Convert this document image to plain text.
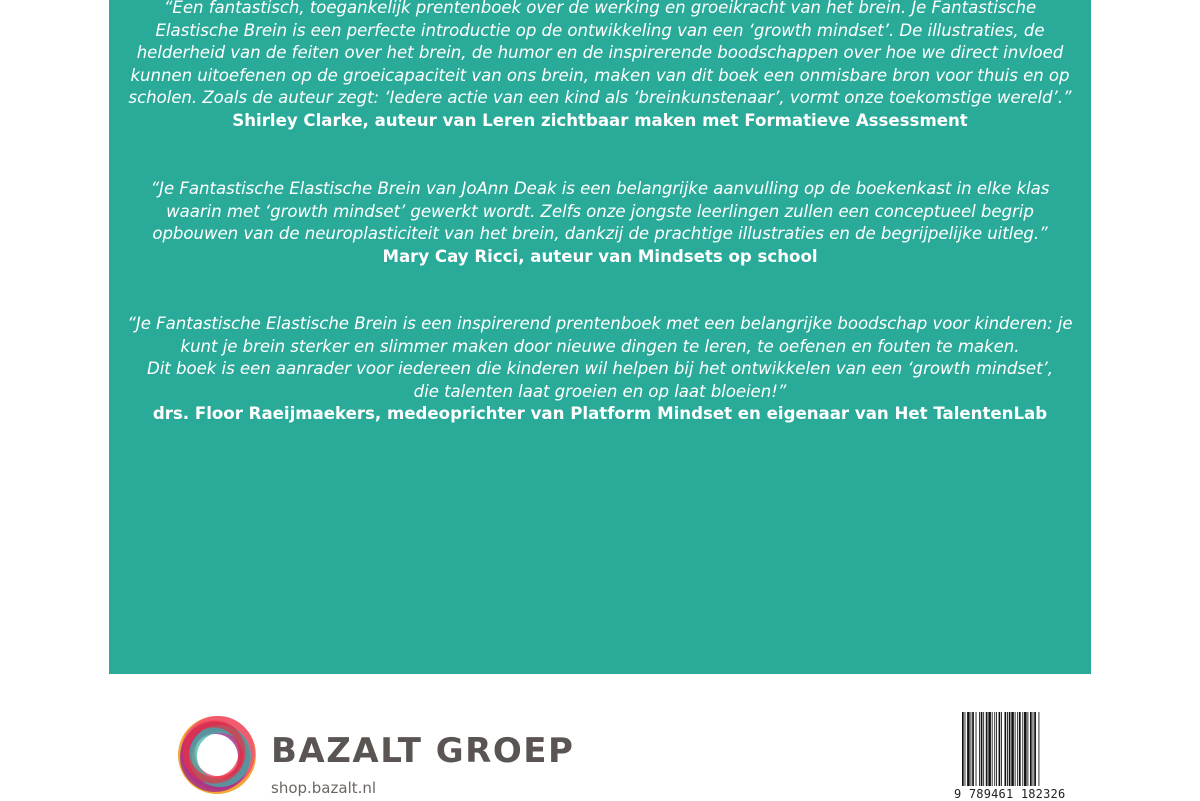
“Een fantastisch, toegankelijk prentenboek over de werking en groeikracht van het brein. Je Fantastische
Elastische Brein is een perfecte introductie op de ontwikkeling van een ‘growth mindset’. De illustraties, de
helderheid van de feiten over het brein, de humor en de inspirerende boodschappen over hoe we direct invloed
kunnen uitoefenen op de groeicapaciteit van ons brein, maken van dit boek een onmisbare bron voor thuis en op
scholen. Zoals de auteur zegt: ‘Iedere actie van een kind als ‘breinkunstenaar’, vormt onze toekomstige wereld’.”

Shirley Clarke, auteur van Leren zichtbaar maken met Formatieve Assessment

“Je Fantastische Elastische Brein van JoAnn Deak is een belangrijke aanvulling op de boekenkast in elke klas
waarin met ‘growth mindset’ gewerkt wordt. Zelfs onze jongste leerlingen zullen een conceptueel begrip
opbouwen van de neuroplasticiteit van het brein, dankzij de prachtige illustraties en de begrijpelijke uitleg.”

Mary Cay Ricci, auteur van Mindsets op school

“Je Fantastische Elastische Brein is een inspirerend prentenboek met een belangrijke boodschap voor kinderen: je
kunt je brein sterker en slimmer maken door nieuwe dingen te leren, te oefenen en fouten te maken.
Dit boek is een aanrader voor iedereen die kinderen wil helpen bij het ontwikkelen van een ‘growth mindset’,
die talenten laat groeien en op laat bloeien!”

drs. Floor Raeijmaekers, medeoprichter van Platform Mindset en eigenaar van Het TalentenLab

BAZALT GROEP
shop.bazalt.nl	9 789461 182326
